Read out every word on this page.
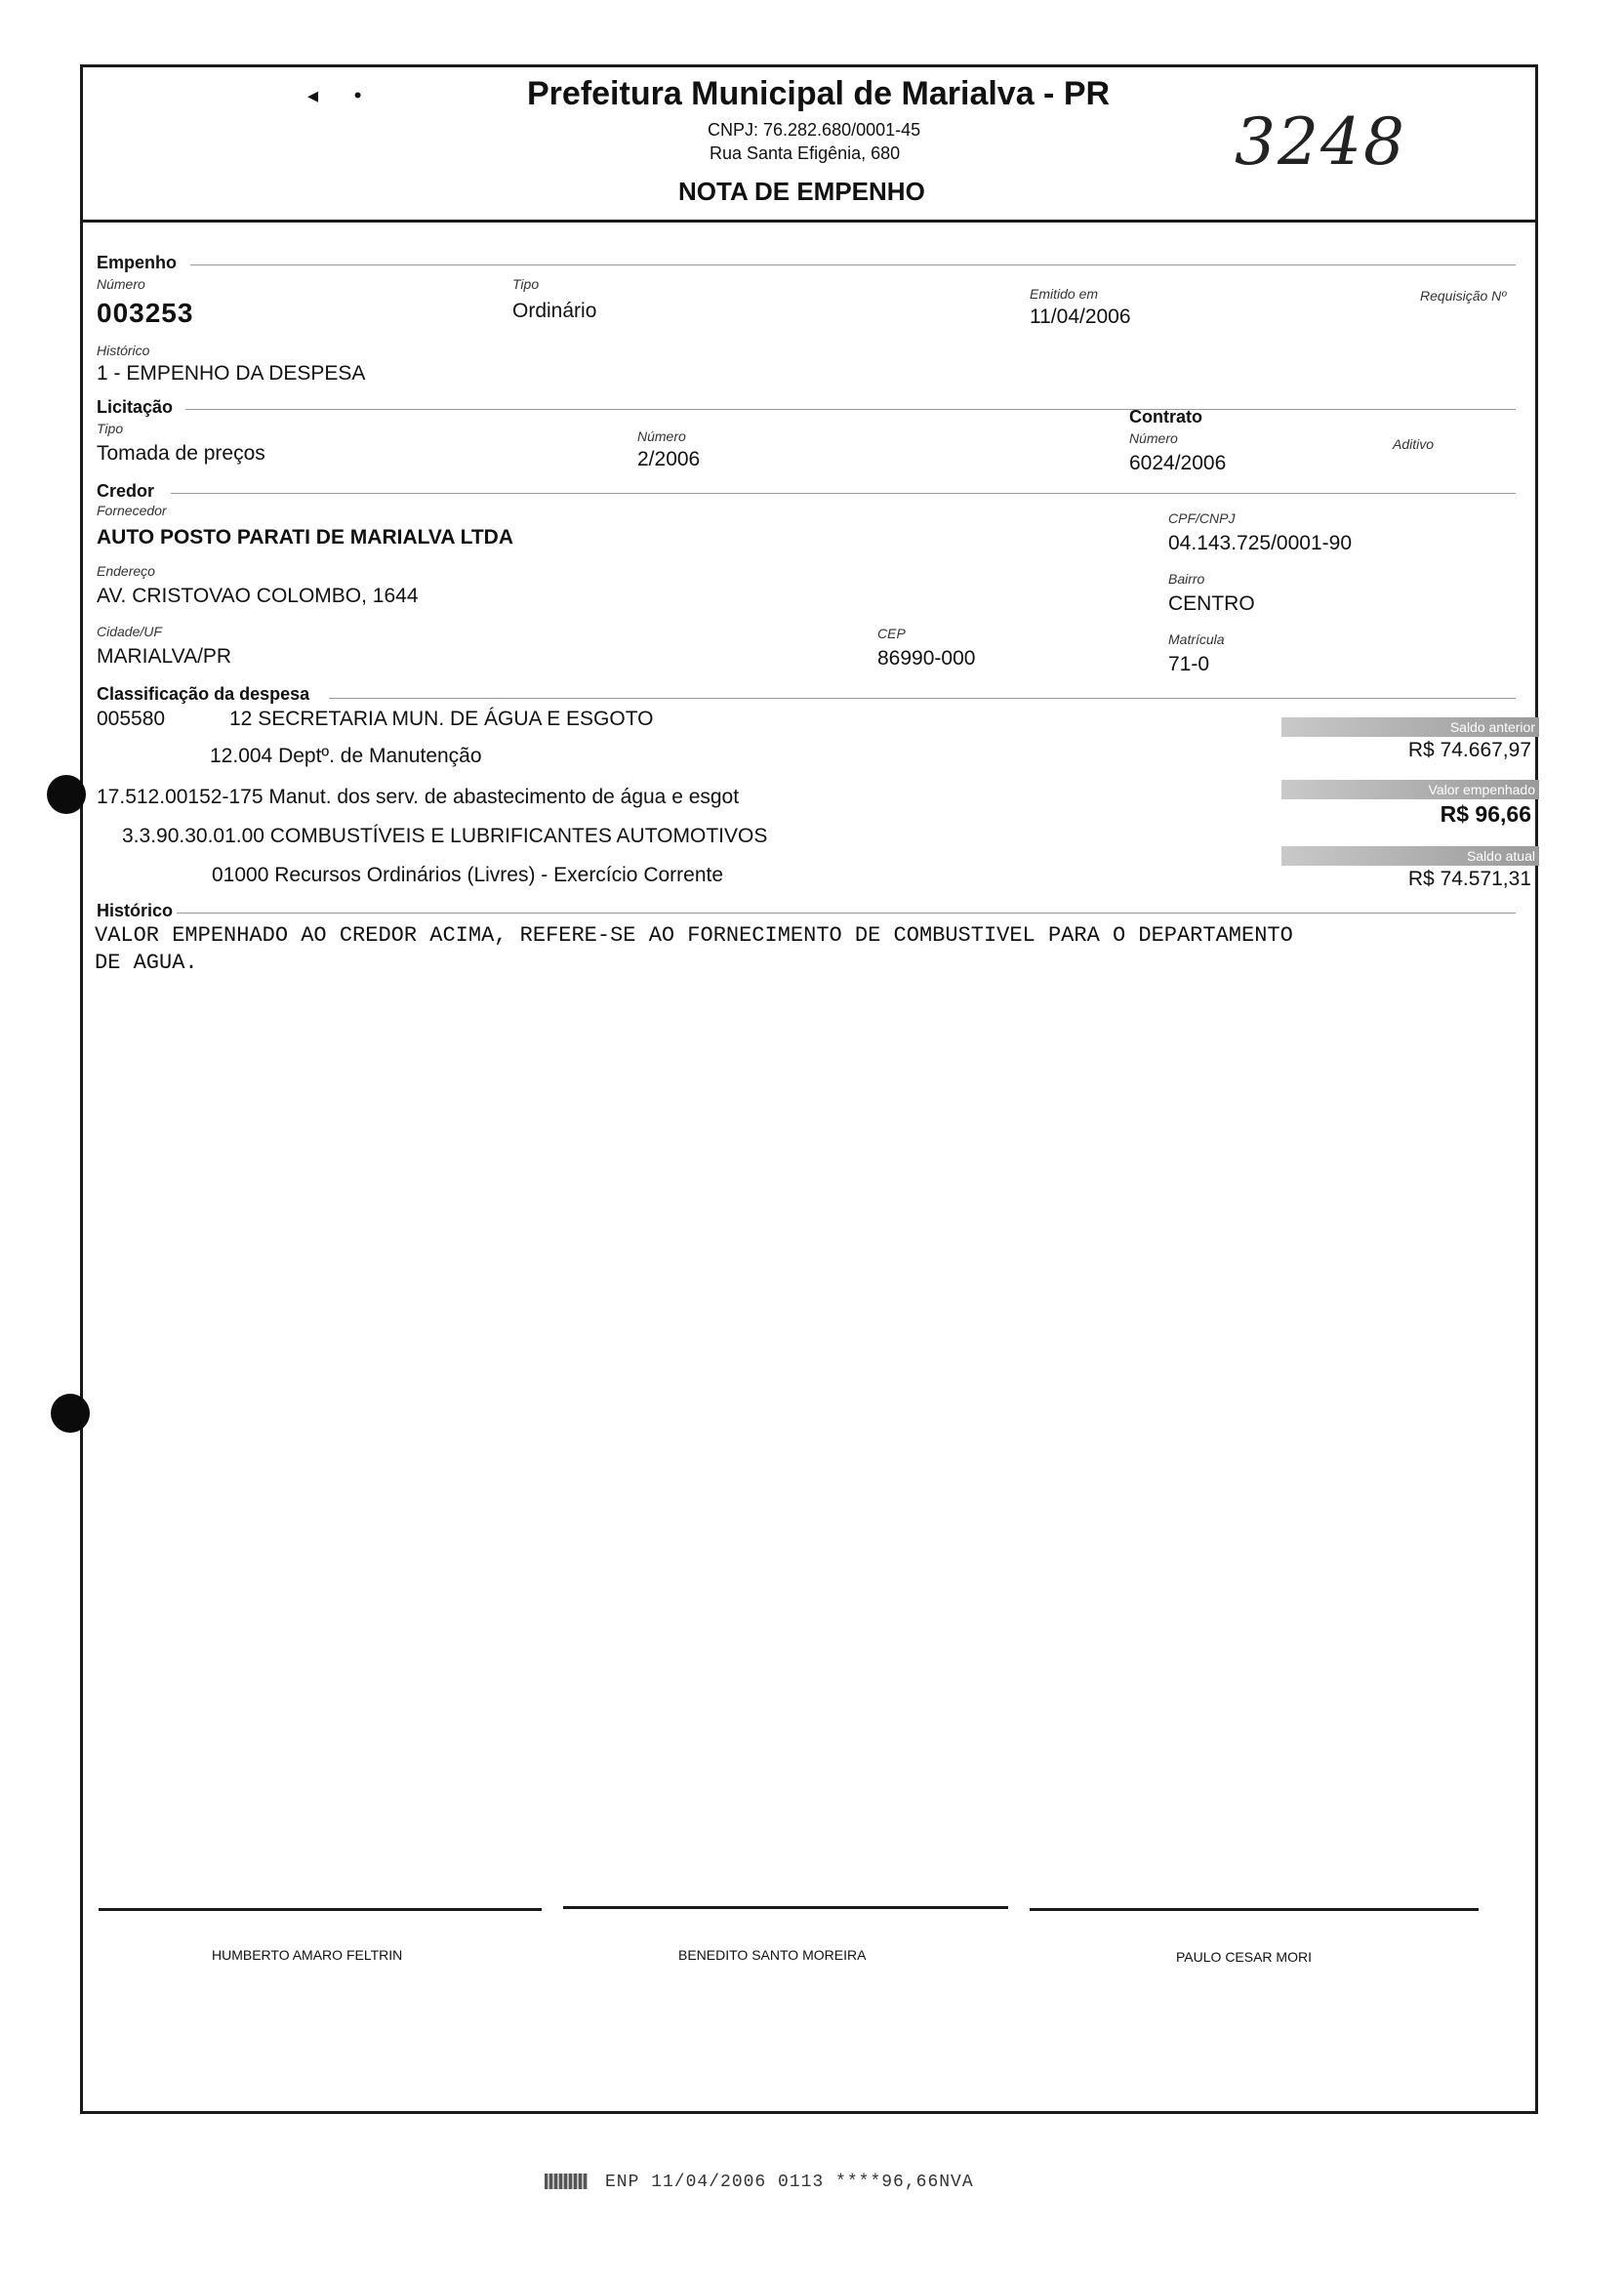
◂      •	Prefeitura Municipal de Marialva - PR
CNPJ: 76.282.680/0001-45
Rua Santa Efigênia, 680
NOTA DE EMPENHO
3248
Empenho
Número
003253
Tipo
Ordinário
Emitido em
11/04/2006
Requisição Nº
Histórico
1 - EMPENHO DA DESPESA
Licitação
Tipo
Tomada de preços
Número
2/2006
Contrato
Número
6024/2006
Aditivo
Credor
Fornecedor
AUTO POSTO PARATI DE MARIALVA LTDA
CPF/CNPJ
04.143.725/0001-90
Endereço
AV. CRISTOVAO COLOMBO, 1644
Bairro
CENTRO
Cidade/UF
MARIALVA/PR
CEP
86990-000
Matrícula
71-0
Classificação da despesa
005580	12 SECRETARIA MUN. DE ÁGUA E ESGOTO
12.004 Deptº. de Manutenção
17.512.00152-175 Manut. dos serv. de abastecimento de água e esgot
3.3.90.30.01.00 COMBUSTÍVEIS E LUBRIFICANTES AUTOMOTIVOS
01000 Recursos Ordinários (Livres) - Exercício Corrente
Saldo anterior
R$ 74.667,97
Valor empenhado
R$ 96,66
Saldo atual
R$ 74.571,31
Histórico
VALOR EMPENHADO AO CREDOR ACIMA, REFERE-SE AO FORNECIMENTO DE COMBUSTIVEL PARA O DEPARTAMENTO
DE AGUA.
HUMBERTO AMARO FELTRIN	BENEDITO SANTO MOREIRA	PAULO CESAR MORI
ENP 11/04/2006 0113 ****96,66NVA
